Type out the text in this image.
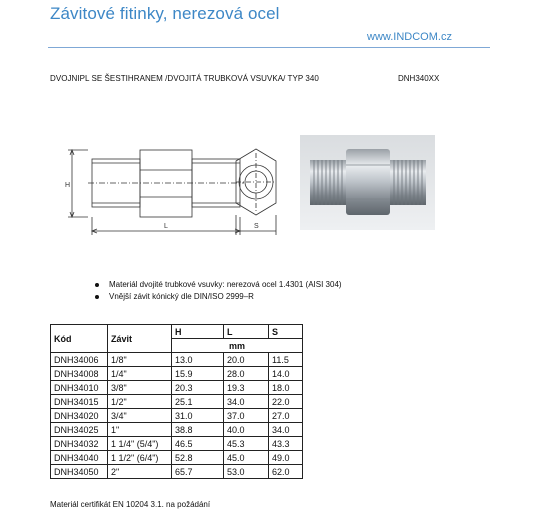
Závitové fitinky, nerezová ocel
www.INDCOM.cz
DVOJNIPL SE ŠESTIHRANEM /DVOJITÁ TRUBKOVÁ VSUVKA/ TYP 340	DNH340XX
H
L	S
Materiál dvojité trubkové vsuvky: nerezová ocel 1.4301 (AISI 304)
Vnější závit kónický dle DIN/ISO 2999–R
Kód	Závit	H	L	S
		mm		
DNH34006	1/8"	13.0	20.0	11.5
DNH34008	1/4"	15.9	28.0	14.0
DNH34010	3/8"	20.3	19.3	18.0
DNH34015	1/2"	25.1	34.0	22.0
DNH34020	3/4"	31.0	37.0	27.0
DNH34025	1"	38.8	40.0	34.0
DNH34032	1 1/4" (5/4")	46.5	45.3	43.3
DNH34040	1 1/2" (6/4")	52.8	45.0	49.0
DNH34050	2"	65.7	53.0	62.0
Materiál certifikát EN 10204 3.1. na požádání
